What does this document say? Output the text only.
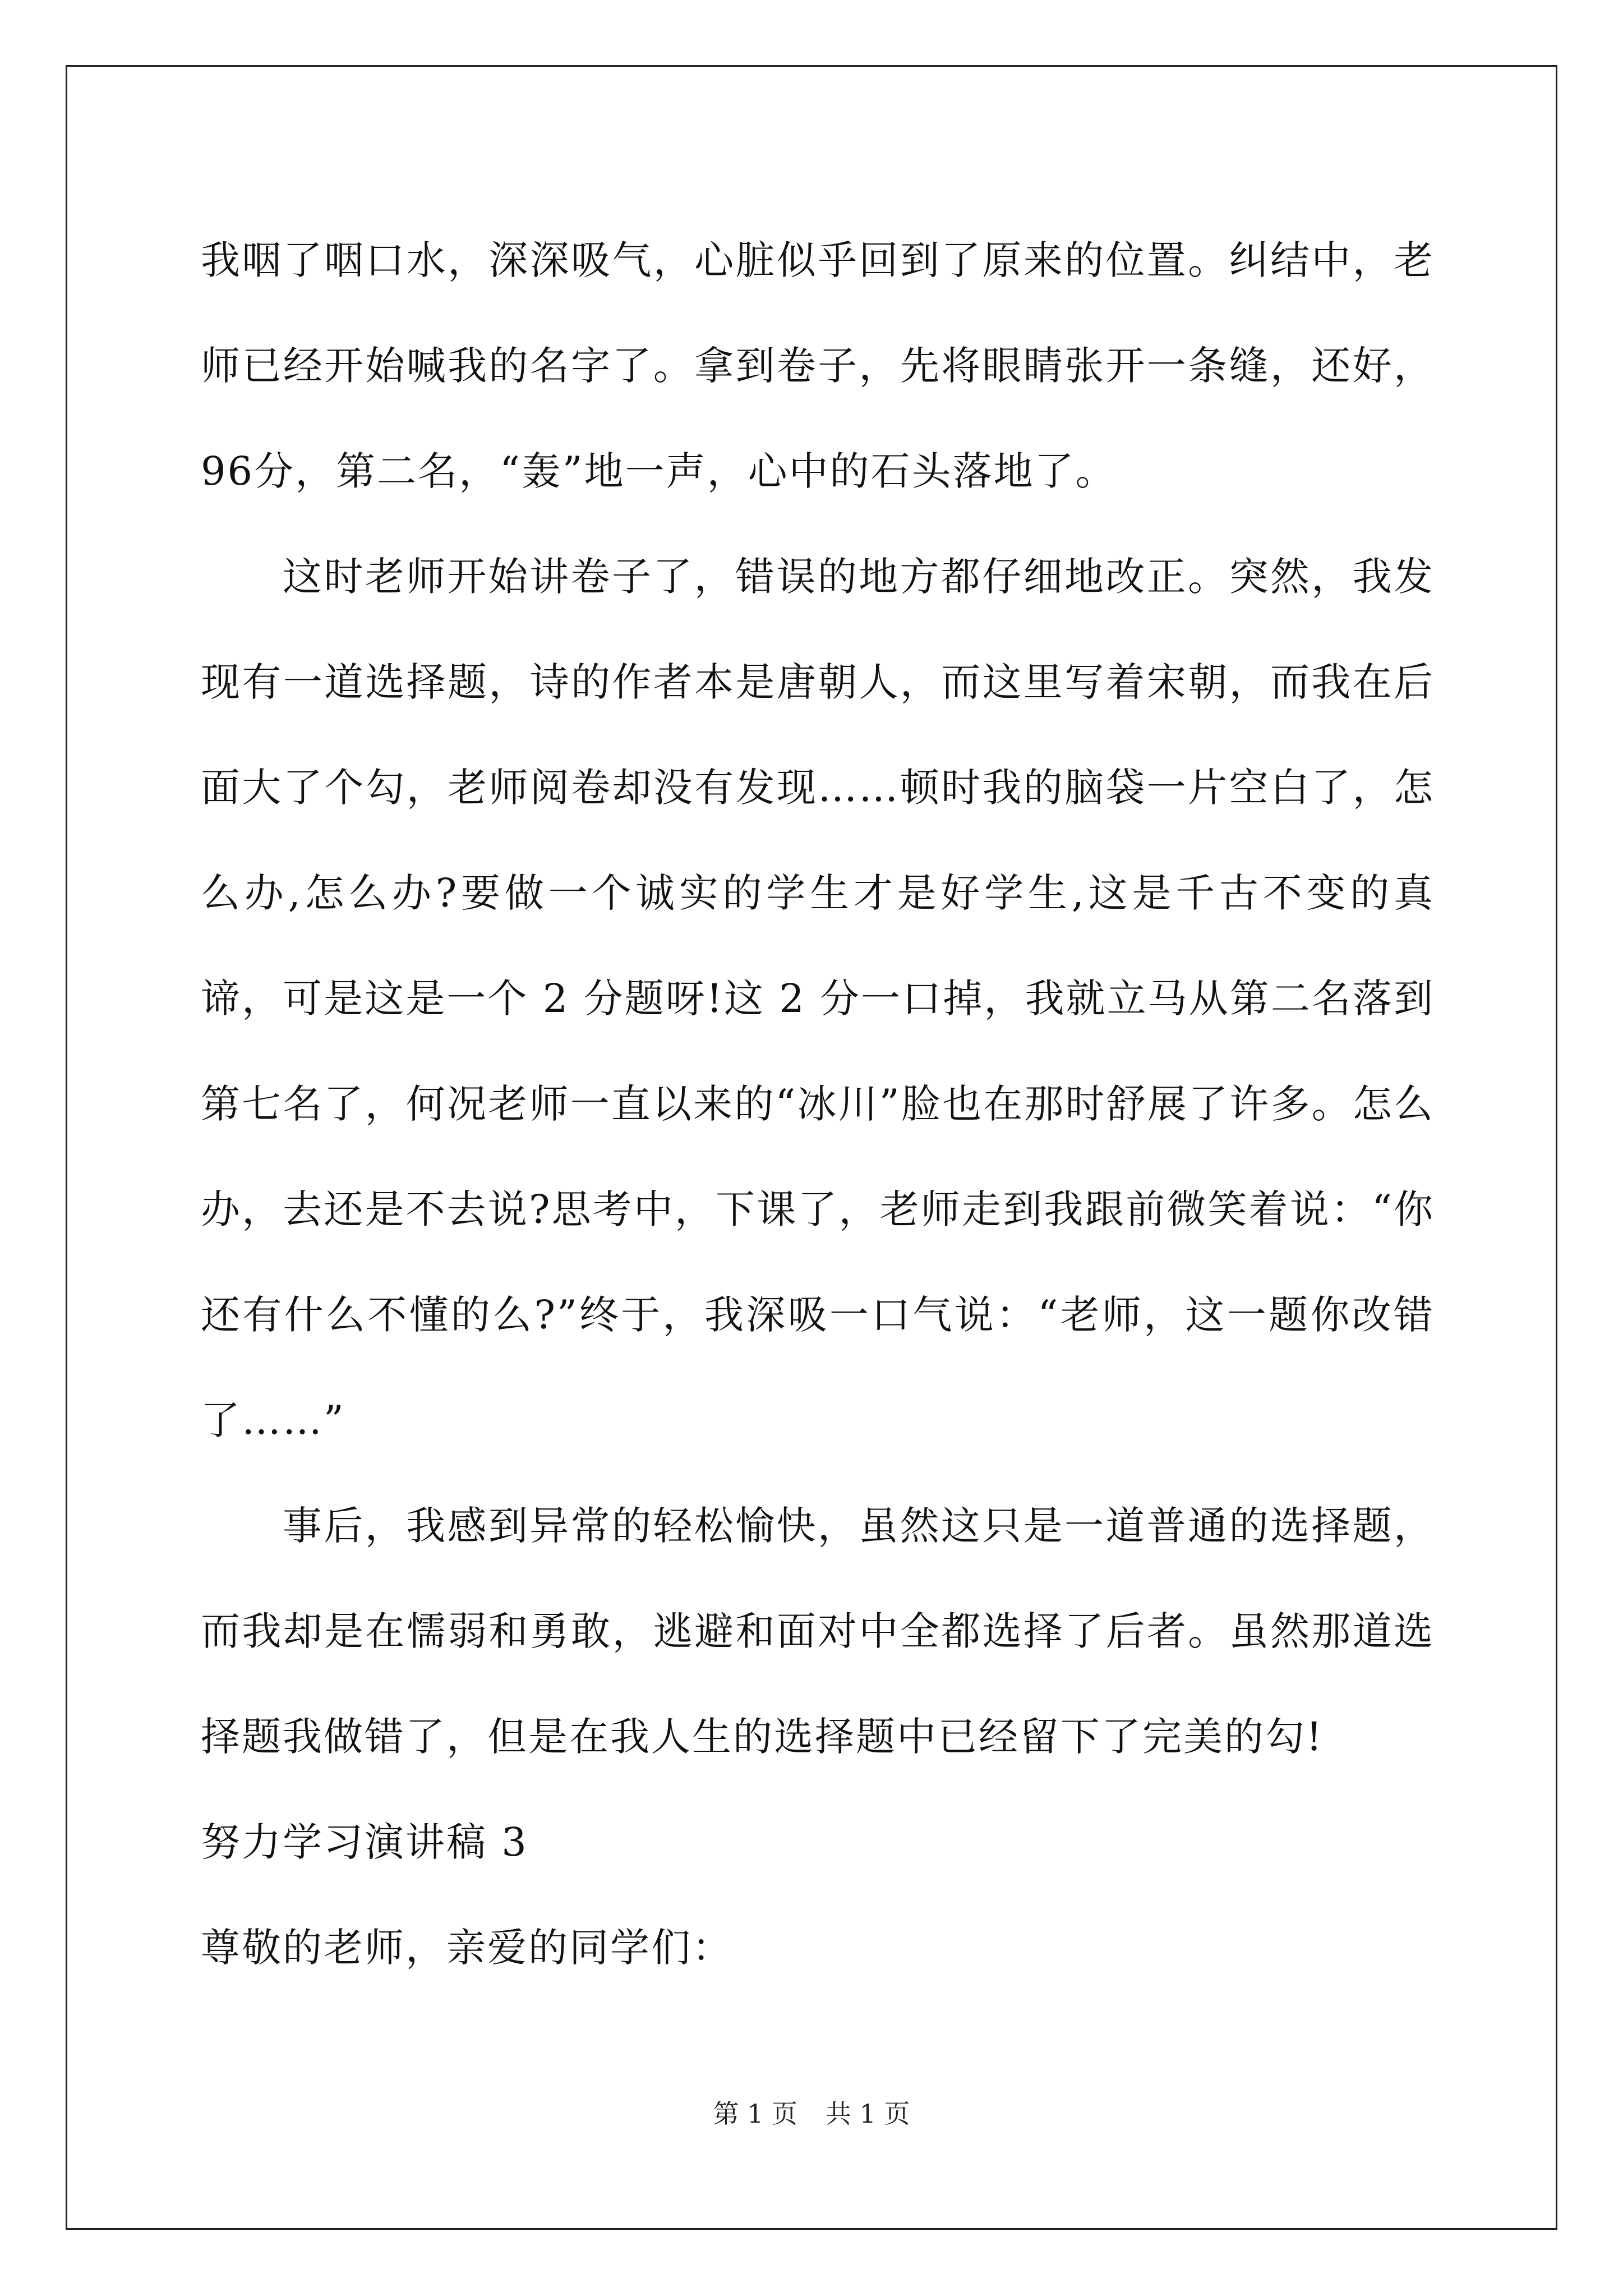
我咽了咽口水，深深吸气，心脏似乎回到了原来的位置。纠结中，老师已经开始喊我的名字了。拿到卷子，先将眼睛张开一条缝，还好，96分，第二名，“轰”地一声，心中的石头落地了。

这时老师开始讲卷子了，错误的地方都仔细地改正。突然，我发现有一道选择题，诗的作者本是唐朝人，而这里写着宋朝，而我在后面大了个勾，老师阅卷却没有发现……顿时我的脑袋一片空白了，怎么办,怎么办?要做一个诚实的学生才是好学生,这是千古不变的真谛，可是这是一个 2 分题呀!这 2 分一口掉，我就立马从第二名落到第七名了，何况老师一直以来的“冰川”脸也在那时舒展了许多。怎么办，去还是不去说?思考中，下课了，老师走到我跟前微笑着说：“你还有什么不懂的么?”终于，我深吸一口气说：“老师，这一题你改错了……”

事后，我感到异常的轻松愉快，虽然这只是一道普通的选择题，而我却是在懦弱和勇敢，逃避和面对中全都选择了后者。虽然那道选择题我做错了，但是在我人生的选择题中已经留下了完美的勾!

努力学习演讲稿 3

尊敬的老师，亲爱的同学们：

第 1 页 共 1 页
